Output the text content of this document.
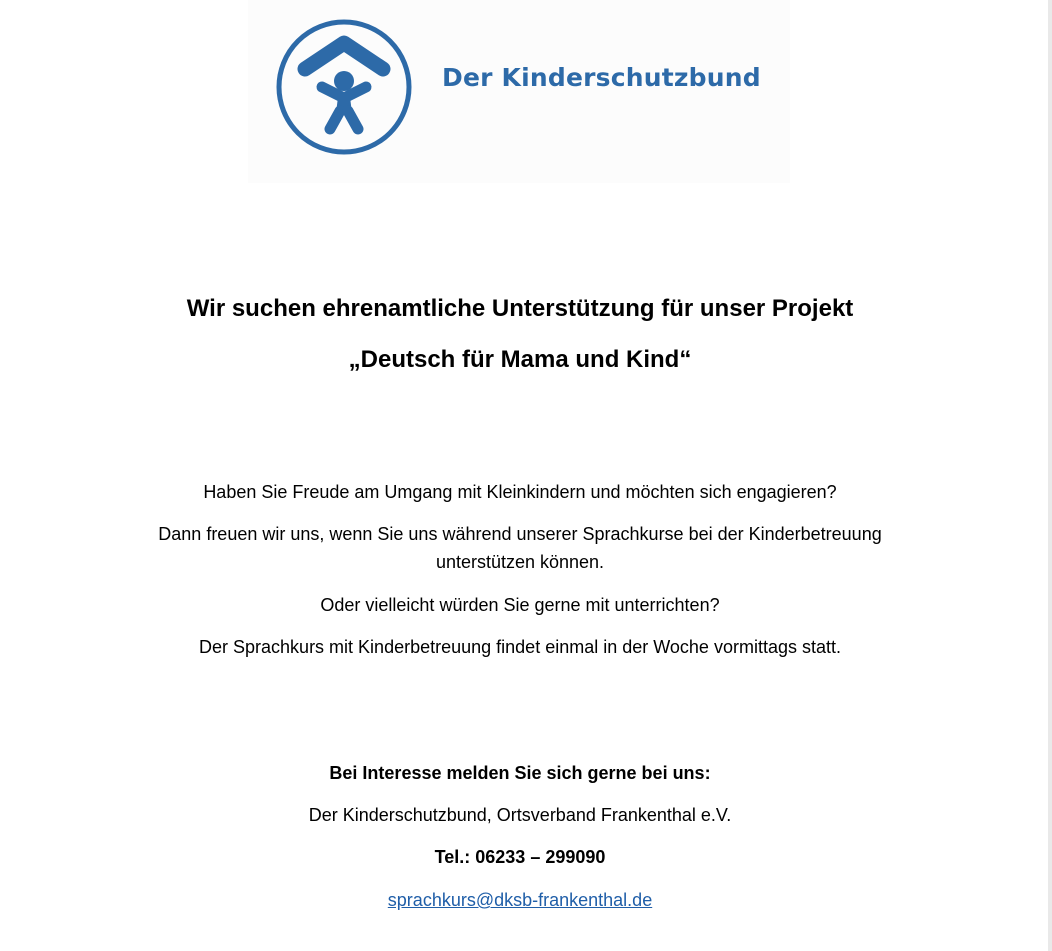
Der Kinderschutzbund
Wir suchen ehrenamtliche Unterstützung für unser Projekt
„Deutsch für Mama und Kind“
Haben Sie Freude am Umgang mit Kleinkindern und möchten sich engagieren?
Dann freuen wir uns, wenn Sie uns während unserer Sprachkurse bei der Kinderbetreuung
unterstützen können.
Oder vielleicht würden Sie gerne mit unterrichten?
Der Sprachkurs mit Kinderbetreuung findet einmal in der Woche vormittags statt.
Bei Interesse melden Sie sich gerne bei uns:
Der Kinderschutzbund, Ortsverband Frankenthal e.V.
Tel.: 06233 – 299090
sprachkurs@dksb-frankenthal.de
